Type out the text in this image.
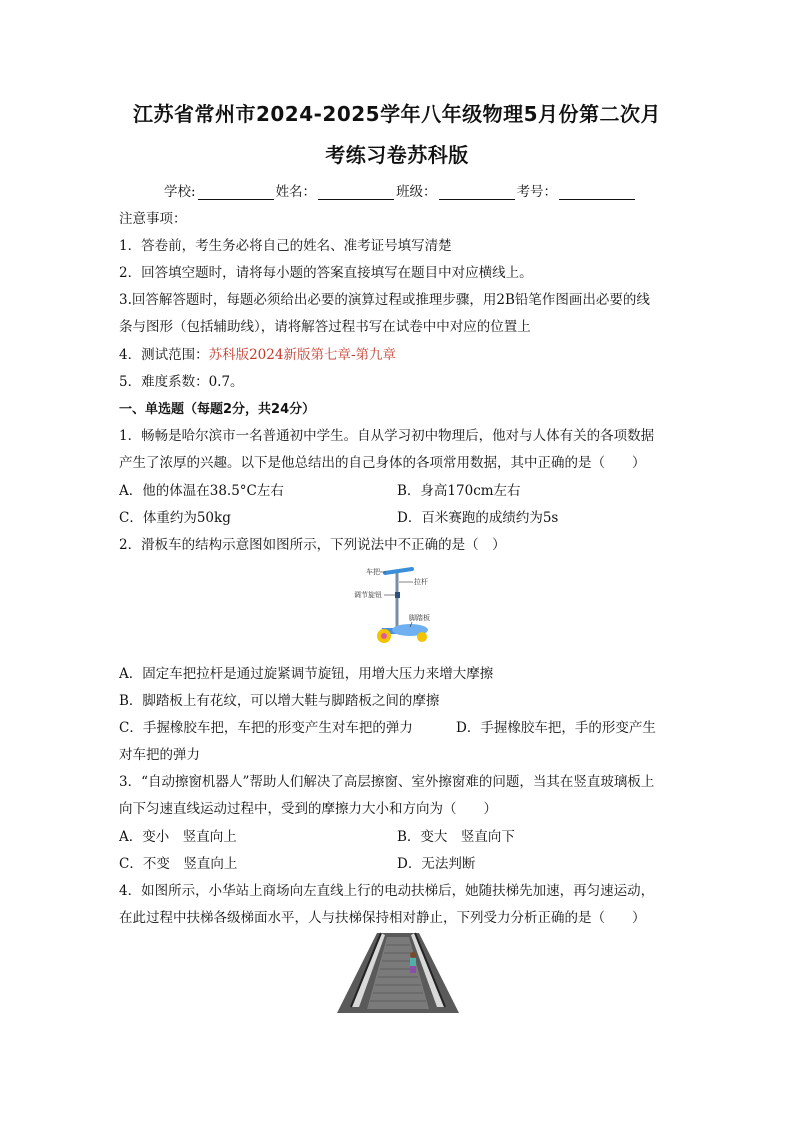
江苏省常州市2024-2025学年八年级物理5月份第二次月
考练习卷苏科版
学校:	姓名：	班级：	考号：
注意事项：
1．答卷前，考生务必将自己的姓名、准考证号填写清楚
2．回答填空题时，请将每小题的答案直接填写在题目中对应横线上。
3.回答解答题时，每题必须给出必要的演算过程或推理步骤，用2B铅笔作图画出必要的线
条与图形（包括辅助线），请将解答过程书写在试卷中中对应的位置上
4．测试范围：苏科版2024新版第七章-第九章
5．难度系数：0.7。
一、单选题（每题2分，共24分）
1．畅畅是哈尔滨市一名普通初中学生。自从学习初中物理后，他对与人体有关的各项数据
产生了浓厚的兴趣。以下是他总结出的自己身体的各项常用数据，其中正确的是（　　）
A．他的体温在38.5°C左右	B．身高170cm左右
C．体重约为50kg	D．百米赛跑的成绩约为5s
2．滑板车的结构示意图如图所示，下列说法中不正确的是（　）
车把
拉杆
调节旋钮
脚踏板
A．固定车把拉杆是通过旋紧调节旋钮，用增大压力来增大摩擦
B．脚踏板上有花纹，可以增大鞋与脚踏板之间的摩擦
C．手握橡胶车把，车把的形变产生对车把的弹力	D．手握橡胶车把，手的形变产生
对车把的弹力
3．“自动擦窗机器人”帮助人们解决了高层擦窗、室外擦窗难的问题，当其在竖直玻璃板上
向下匀速直线运动过程中，受到的摩擦力大小和方向为（　　）
A．变小　竖直向上	B．变大　竖直向下
C．不变　竖直向上	D．无法判断
4．如图所示，小华站上商场向左直线上行的电动扶梯后，她随扶梯先加速，再匀速运动，
在此过程中扶梯各级梯面水平，人与扶梯保持相对静止，下列受力分析正确的是（　　）
